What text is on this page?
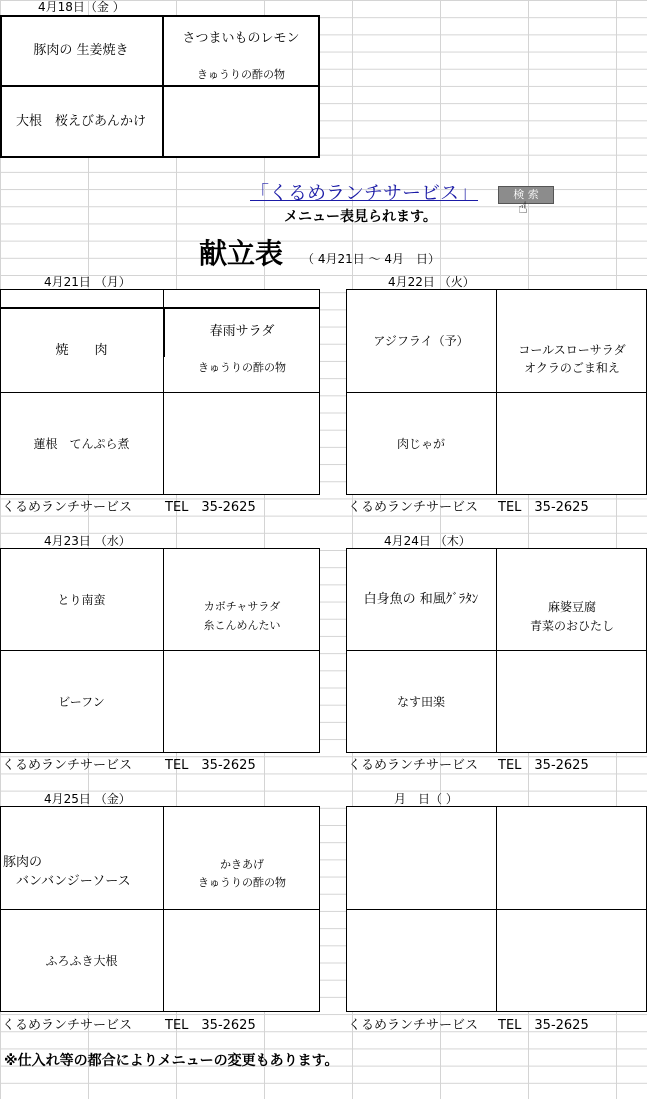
4月18日（金 ）
豚肉の 生姜焼き
さつまいものレモン
きゅうりの酢の物
大根　桜えびあんかけ
「くるめランチサービス」	検 索
☝
メニュー表見られます。
献立表 （ 4月21日 ～ 4月　日）
4月21日 （月）
焼　　肉
春雨サラダ
きゅうりの酢の物
蓮根　てんぷら煮
4月22日 （火）
アジフライ（予）
コールスローサラダ
オクラのごま和え
肉じゃが
くるめランチサービス	TEL　35-2625	くるめランチサービス TEL　35-2625
4月23日 （水）
とり南蛮	カボチャサラダ
糸こんめんたい
ビーフン
4月24日 （木）
白身魚の 和風ｸﾞﾗﾀﾝ
麻婆豆腐
青菜のおひたし
なす田楽
くるめランチサービス	TEL　35-2625	くるめランチサービス TEL　35-2625
4月25日 （金）
豚肉の
　バンバンジーソース
かきあげ
きゅうりの酢の物
ふろふき大根
月　日（ ）
くるめランチサービス	TEL　35-2625	くるめランチサービス TEL　35-2625
※仕入れ等の都合によりメニューの変更もあります。
